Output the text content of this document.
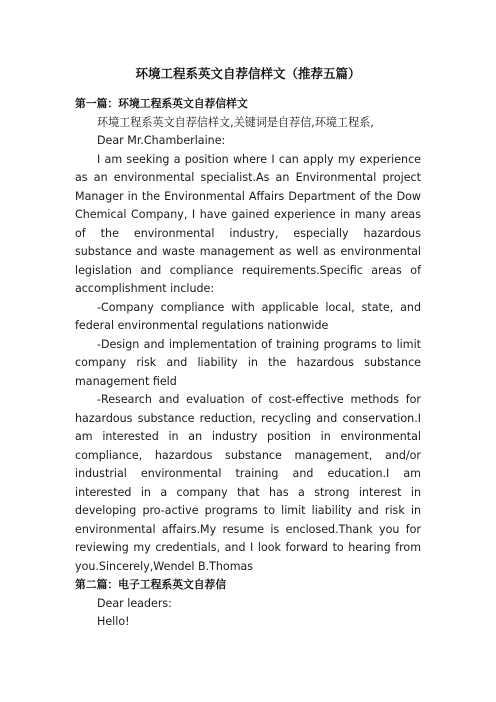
环境工程系英文自荐信样文（推荐五篇）
第一篇：环境工程系英文自荐信样文

环境工程系英文自荐信样文,关键词是自荐信,环境工程系,

Dear Mr.Chamberlaine:

I am seeking a position where I can apply my experience as an environmental specialist.As an Environmental project Manager in the Environmental Affairs Department of the Dow Chemical Company, I have gained experience in many areas of the environmental industry, especially hazardous substance and waste management as well as environmental legislation and compliance requirements.Specific areas of accomplishment include:

-Company compliance with applicable local, state, and federal environmental regulations nationwide

-Design and implementation of training programs to limit company risk and liability in the hazardous substance management field

-Research and evaluation of cost-effective methods for hazardous substance reduction, recycling and conservation.I am interested in an industry position in environmental compliance, hazardous substance management, and/or industrial environmental training and education.I am interested in a company that has a strong interest in developing pro-active programs to limit liability and risk in environmental affairs.My resume is enclosed.Thank you for reviewing my credentials, and I look forward to hearing from you.Sincerely,Wendel B.Thomas

第二篇：电子工程系英文自荐信

Dear leaders:

Hello!
